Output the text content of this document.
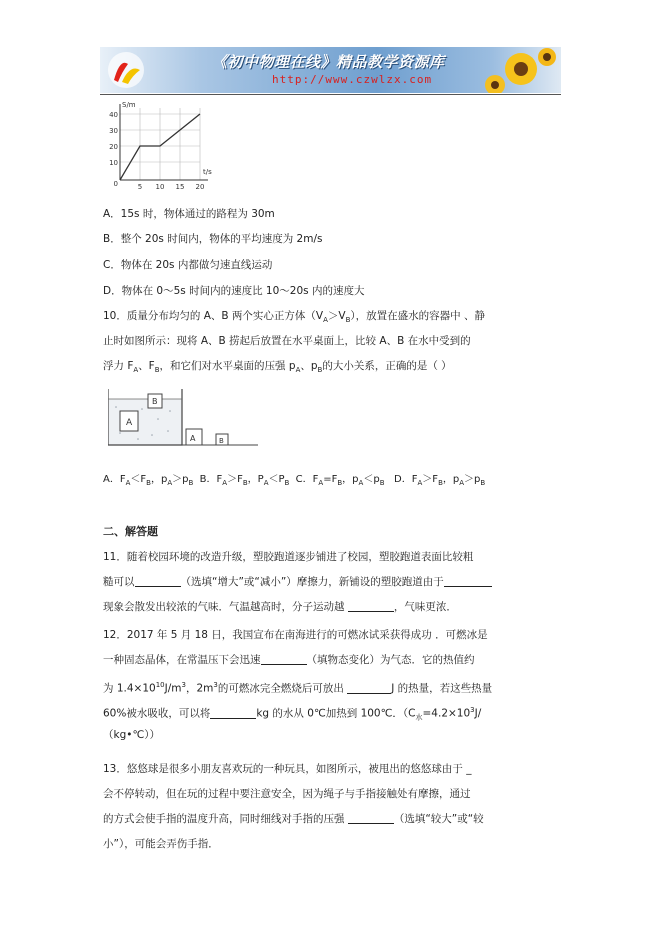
《初中物理在线》精品教学资源库
http://www.czwlzx.com
S/m
t/s
40
30
20
10
0	5 10 15 20
A．15s 时，物体通过的路程为 30m
B．整个 20s 时间内，物体的平均速度为 2m/s
C．物体在 20s 内都做匀速直线运动
D．物体在 0～5s 时间内的速度比 10～20s 内的速度大
10．质量分布均匀的 A、B 两个实心正方体$(V_A>V_B)$，放置在盛水的容器中 、静
止时如图所示：现将 A、B 捞起后放置在水平桌面上，比较 A、B 在水中受到的
浮力 $F_A$、$F_B$，和它们对水平桌面的压强 $p_A$、$p_B$的大小关系，正确的是（ ）
A
B
A	B
A．$F_A<F_B$，$p_A>p_B$  B．$F_A>F_B$，$P_A<P_B$  C．$F_A=F_B$，$p_A<p_B$   D．$F_A>F_B$，$p_A>p_B$
二、解答题
11．随着校园环境的改造升级，塑胶跑道逐步铺进了校园，塑胶跑道表面比较粗
糙可以	（选填“增大”或“减小”）摩擦力，新铺设的塑胶跑道由于
现象会散发出较浓的气味．气温越高时，分子运动越	，气味更浓．
12．2017 年 5 月 18 日，我国宣布在南海进行的可燃冰试采获得成功 ．可燃冰是
一种固态晶体，在常温压下会迅速	（填物态变化）为气态．它的热值约
为 $1.4\times 10^{10}J/m^3$，$2m^3$的可燃冰完全燃烧后可放出	J 的热量，若这些热量
60%被水吸收，可以将	kg 的水从 0℃加热到 100℃．（$C_水=4.2\times 10^3J/$
（kg•℃））
13．悠悠球是很多小朋友喜欢玩的一种玩具，如图所示，被甩出的悠悠球由于 _
会不停转动，但在玩的过程中要注意安全，因为绳子与手指接触处有摩擦，通过
的方式会使手指的温度升高，同时细线对手指的压强	（选填“较大”或“较
小”），可能会弄伤手指．
